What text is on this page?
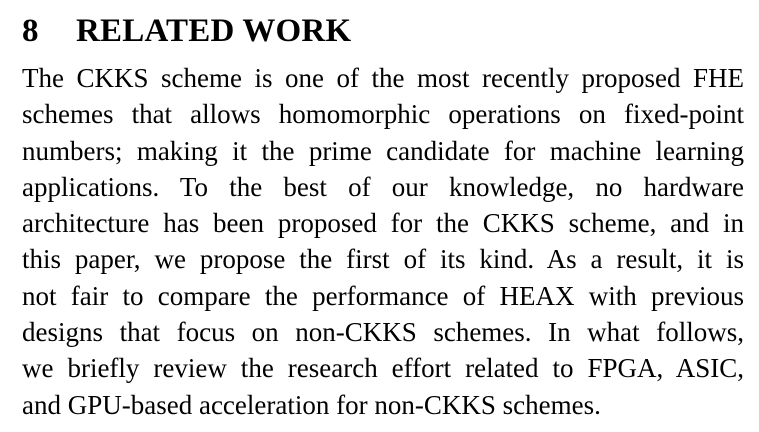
8 RELATED WORK

The CKKS scheme is one of the most recently proposed FHE
schemes that allows homomorphic operations on fixed-point
numbers; making it the prime candidate for machine learning
applications. To the best of our knowledge, no hardware
architecture has been proposed for the CKKS scheme, and in
this paper, we propose the first of its kind. As a result, it is
not fair to compare the performance of HEAX with previous
designs that focus on non-CKKS schemes. In what follows,
we briefly review the research effort related to FPGA, ASIC,
and GPU-based acceleration for non-CKKS schemes.
